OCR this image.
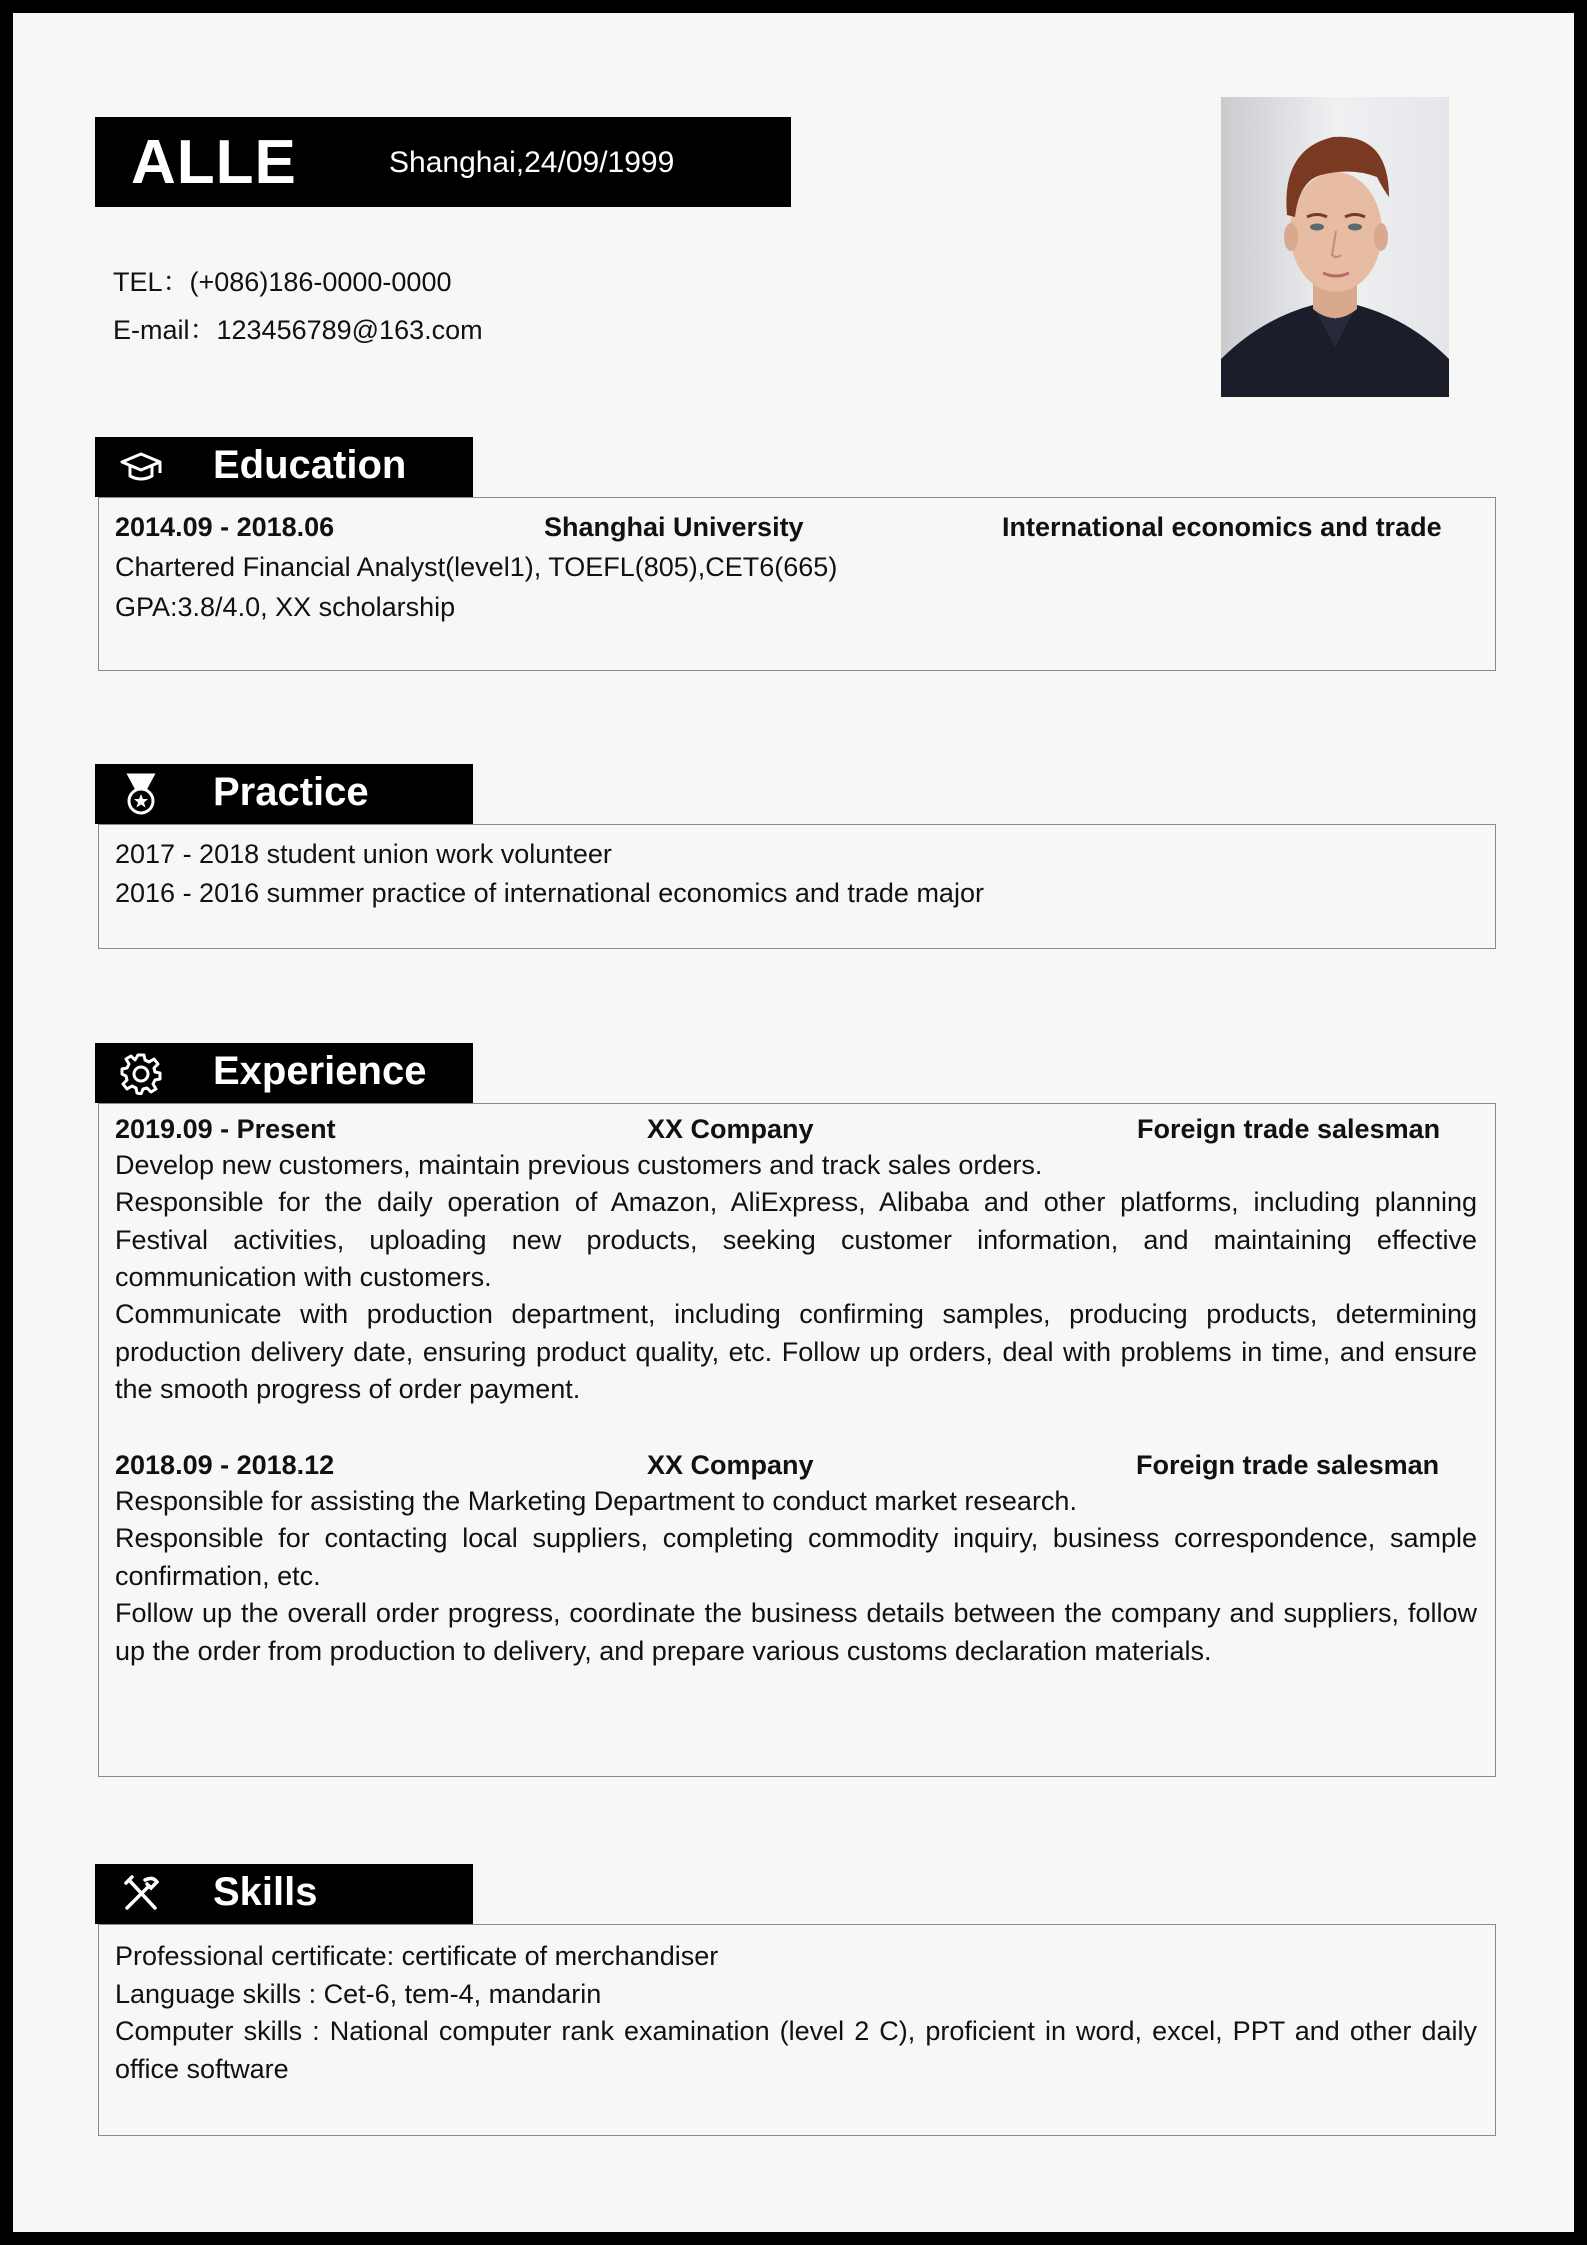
ALLE	Shanghai,24/09/1999
TEL：(+086)186-0000-0000
E-mail：123456789@163.com
Education
2014.09 - 2018.06	Shanghai University	International economics and trade
Chartered Financial Analyst(level1), TOEFL(805),CET6(665)
GPA:3.8/4.0, XX scholarship
Practice
2017 - 2018 student union work volunteer
2016 - 2016 summer practice of international economics and trade major
Experience
2019.09 - Present	XX Company	Foreign trade salesman
Develop new customers, maintain previous customers and track sales orders.
Responsible for the daily operation of Amazon, AliExpress, Alibaba and other platforms, including planning Festival activities, uploading new products, seeking customer information, and maintaining effective communication with customers.
Communicate with production department, including confirming samples, producing products, determining production delivery date, ensuring product quality, etc. Follow up orders, deal with problems in time, and ensure the smooth progress of order payment.
2018.09 - 2018.12	XX Company	Foreign trade salesman
Responsible for assisting the Marketing Department to conduct market research.
Responsible for contacting local suppliers, completing commodity inquiry, business correspondence, sample confirmation, etc.
Follow up the overall order progress, coordinate the business details between the company and suppliers, follow up the order from production to delivery, and prepare various customs declaration materials.
Skills
Professional certificate: certificate of merchandiser
Language skills : Cet-6, tem-4, mandarin
Computer skills : National computer rank examination (level 2 C), proficient in word, excel, PPT and other daily office software
